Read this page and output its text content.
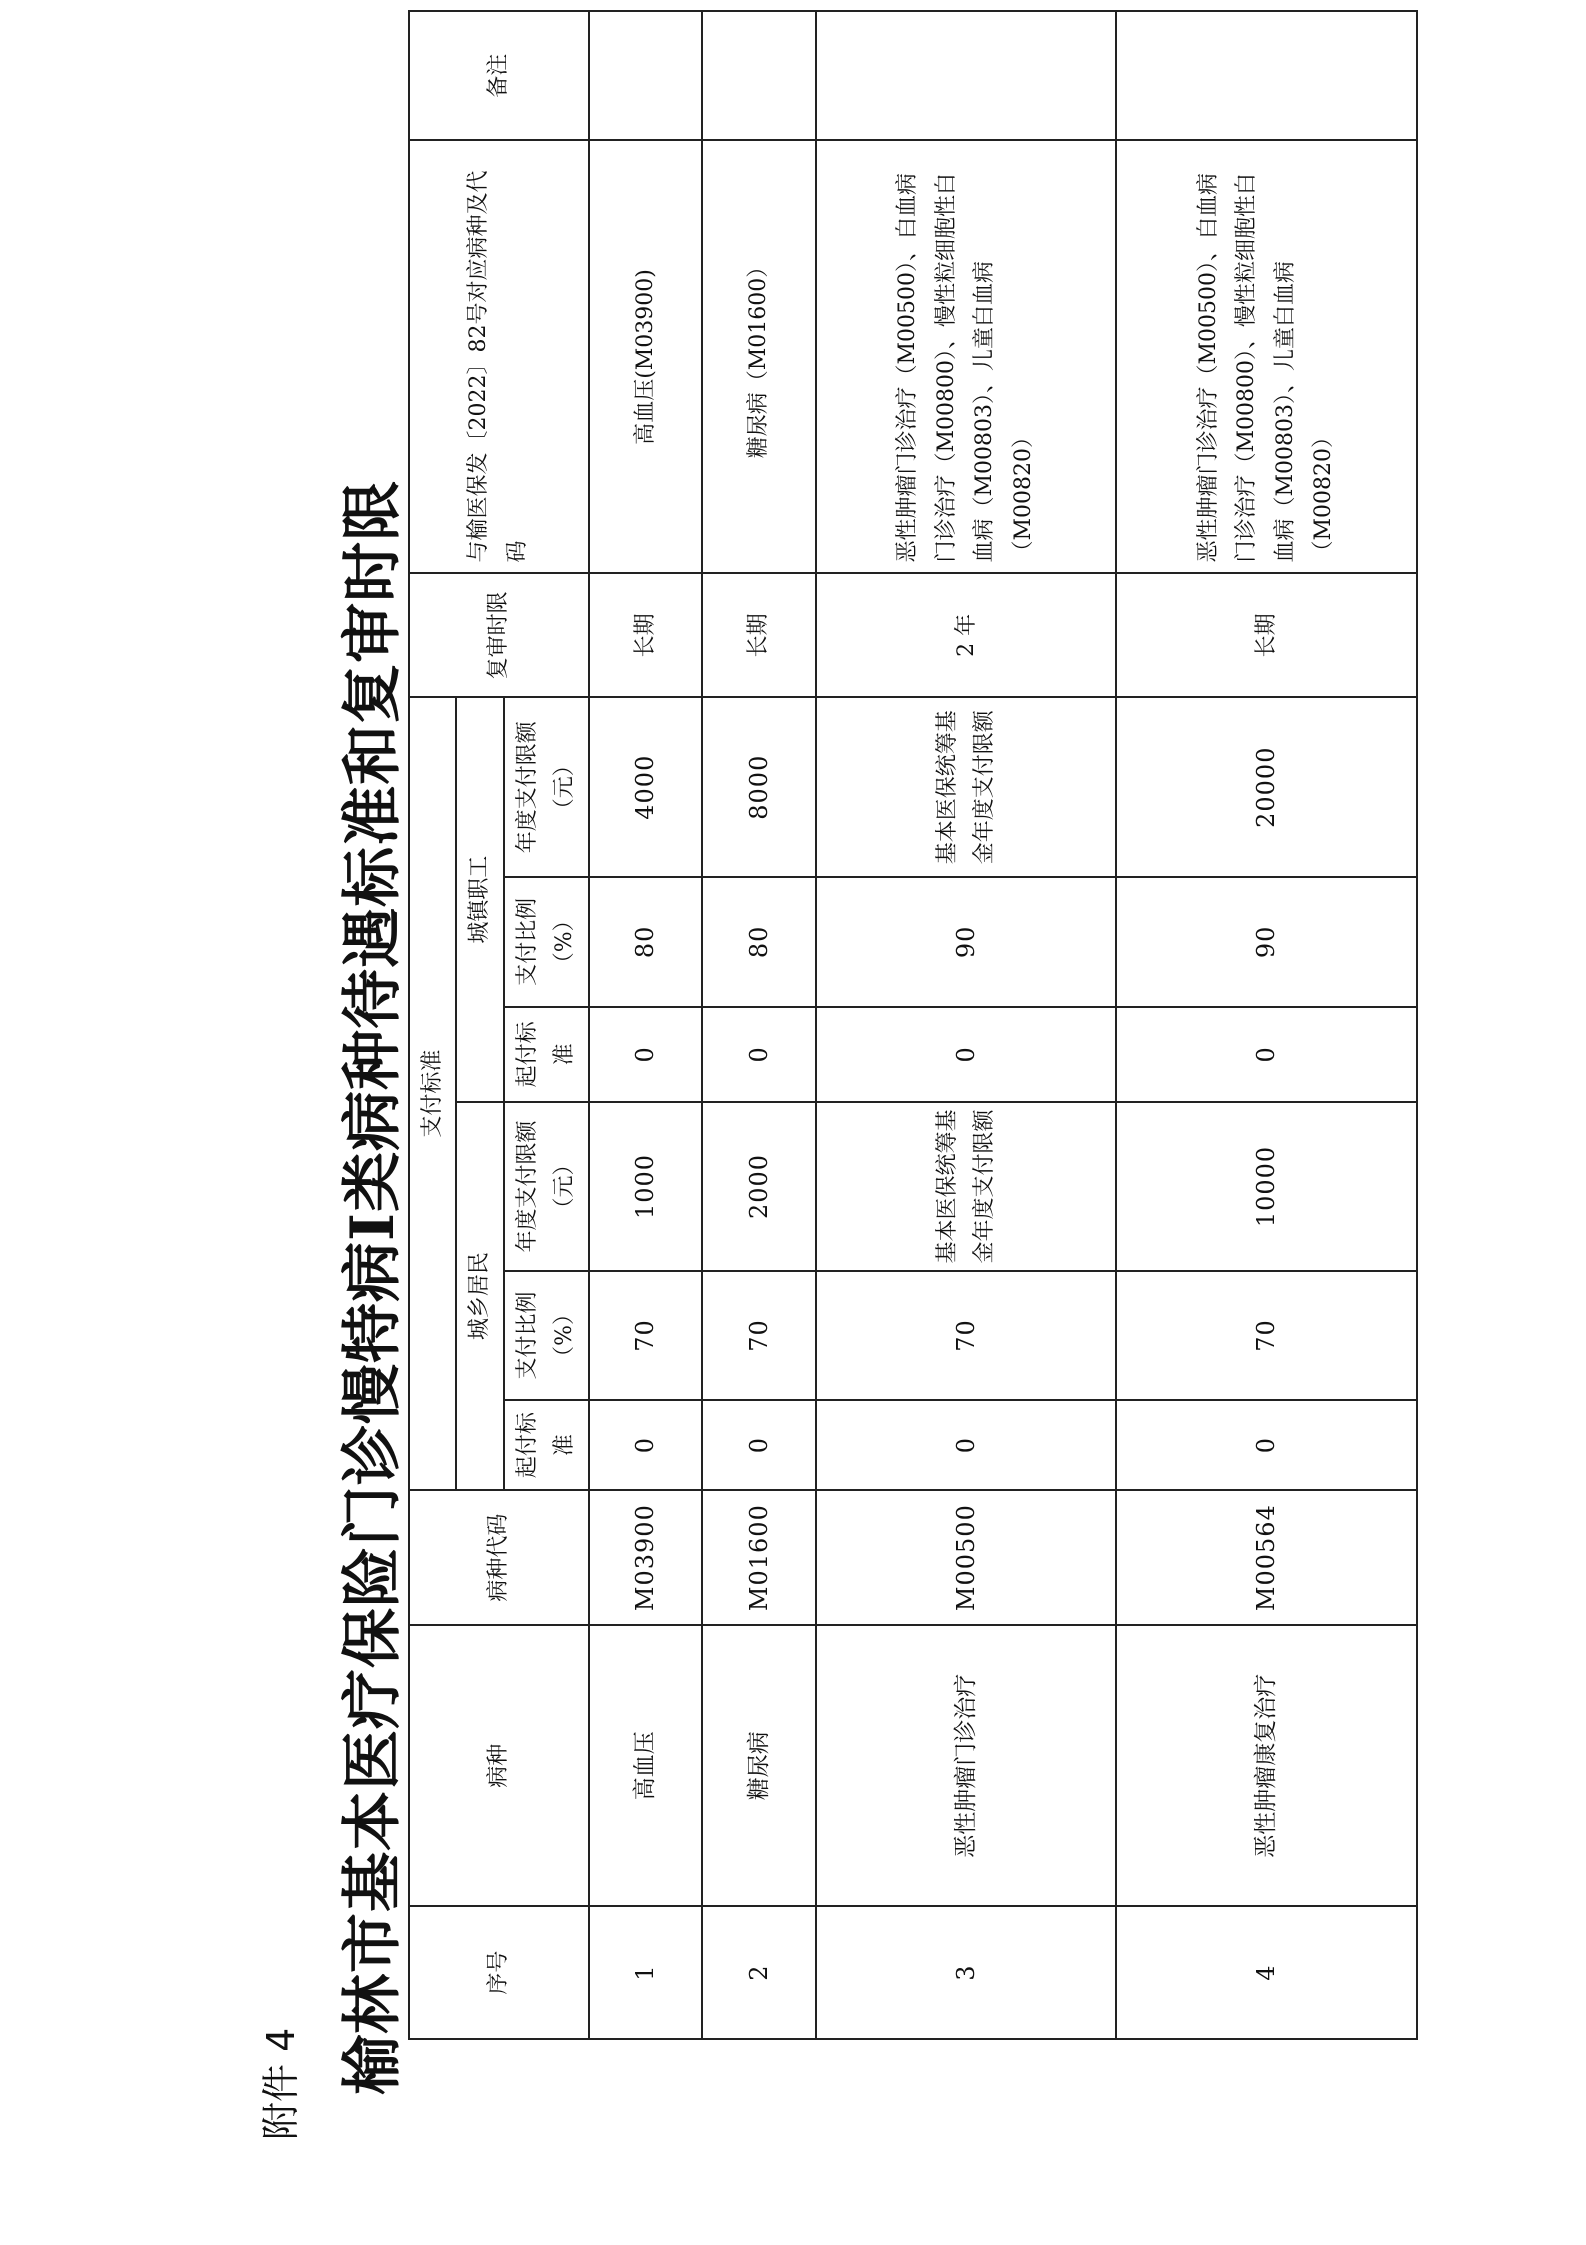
附件 4 榆林市基本医疗保险门诊慢特病Ⅰ类病种待遇标准和复审时限	序号	病种	病种代码	支付标准						复审时限	与榆医保发〔2022〕82号对应病种及代码	备注
			城乡居民			城镇职工					
			起付标准	支付比例（%）	年度支付限额（元）	起付标准	支付比例（%）	年度支付限额（元）			
1	高血压	M03900	0	70	1000	0	80	4000	长期	高血压(M03900)	
2	糖尿病	M01600	0	70	2000	0	80	8000	长期	糖尿病（M01600）	
3	恶性肿瘤门诊治疗	M00500	0	70	基本医保统筹基金年度支付限额	0	90	基本医保统筹基金年度支付限额	2 年	恶性肿瘤门诊治疗（M00500）、白血病门诊治疗（M00800）、慢性粒细胞性白血病（M00803）、儿童白血病（M00820）	
4	恶性肿瘤康复治疗	M00564	0	70	10000	0	90	20000	长期	恶性肿瘤门诊治疗（M00500）、白血病门诊治疗（M00800）、慢性粒细胞性白血病（M00803）、儿童白血病（M00820）	
